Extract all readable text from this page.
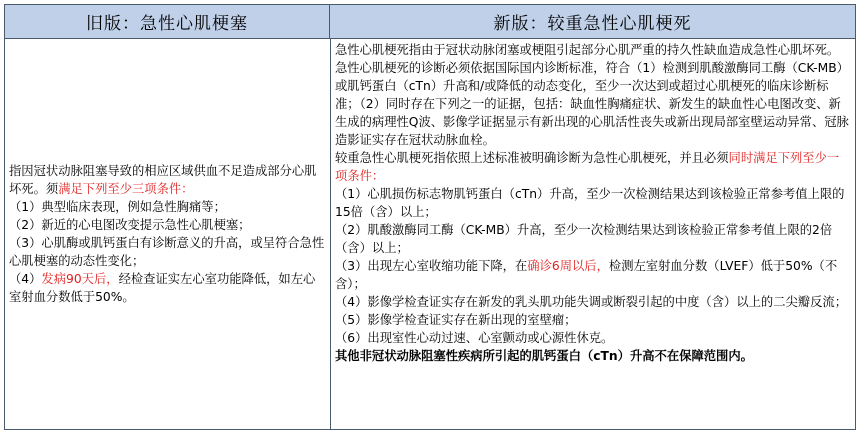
旧版：急性心肌梗塞	新版：较重急性心肌梗死

指因冠状动脉阻塞导致的相应区域供血不足造成部分心肌坏死。须满足下列至少三项条件：

（1）典型临床表现，例如急性胸痛等；

（2）新近的心电图改变提示急性心肌梗塞；

（3）心肌酶或肌钙蛋白有诊断意义的升高，或呈符合急性心肌梗塞的动态性变化；

（4）发病90天后，经检查证实左心室功能降低，如左心室射血分数低于50%。

急性心肌梗死指由于冠状动脉闭塞或梗阻引起部分心肌严重的持久性缺血造成急性心肌坏死。急性心肌梗死的诊断必须依据国际国内诊断标准，符合（1）检测到肌酸激酶同工酶（CK-MB）或肌钙蛋白（cTn）升高和/或降低的动态变化，至少一次达到或超过心肌梗死的临床诊断标准；（2）同时存在下列之一的证据，包括：缺血性胸痛症状、新发生的缺血性心电图改变、新生成的病理性Q波、影像学证据显示有新出现的心肌活性丧失或新出现局部室壁运动异常、冠脉造影证实存在冠状动脉血栓。

较重急性心肌梗死指依照上述标准被明确诊断为急性心肌梗死，并且必须同时满足下列至少一项条件：

（1）心肌损伤标志物肌钙蛋白（cTn）升高，至少一次检测结果达到该检验正常参考值上限的15倍（含）以上；

（2）肌酸激酶同工酶（CK-MB）升高，至少一次检测结果达到该检验正常参考值上限的2倍（含）以上；

（3）出现左心室收缩功能下降，在确诊6周以后，检测左室射血分数（LVEF）低于50%（不含）；

（4）影像学检查证实存在新发的乳头肌功能失调或断裂引起的中度（含）以上的二尖瓣反流；

（5）影像学检查证实存在新出现的室壁瘤；

（6）出现室性心动过速、心室颤动或心源性休克。

其他非冠状动脉阻塞性疾病所引起的肌钙蛋白（cTn）升高不在保障范围内。
